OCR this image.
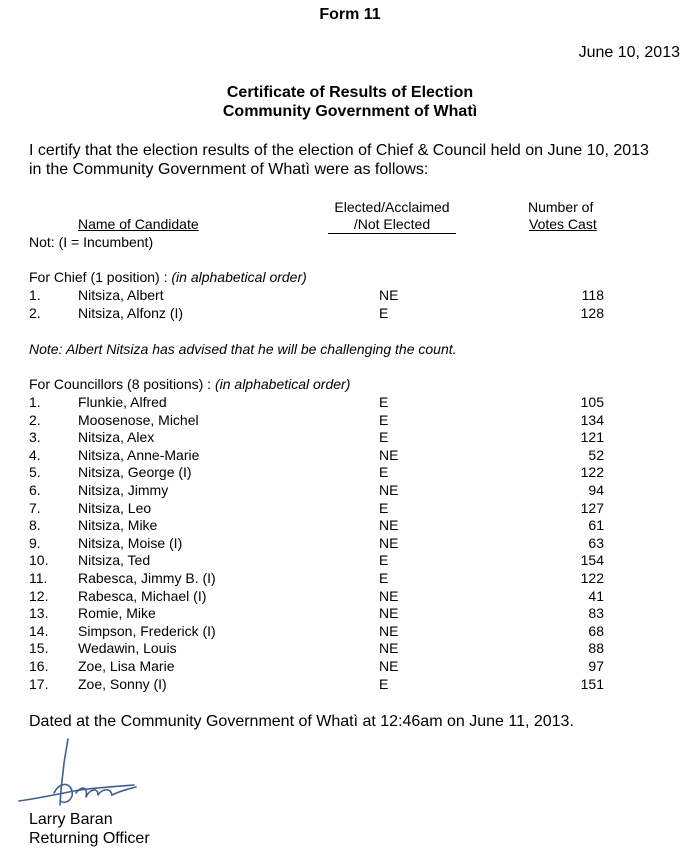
Form 11
June 10, 2013
Certificate of Results of Election
Community Government of Whatì
I certify that the election results of the election of Chief & Council held on June 10, 2013
in the Community Government of Whatì were as follows:
Elected/Acclaimed
/Not Elected
Number of
Votes Cast
Name of Candidate
Not: (I = Incumbent)
For Chief (1 position) : (in alphabetical order)
1.	Nitsiza, Albert	NE	118
2.	Nitsiza, Alfonz (I)	E	128
Note: Albert Nitsiza has advised that he will be challenging the count.
For Councillors (8 positions) : (in alphabetical order)
1.	Flunkie, Alfred	E	105
2.	Moosenose, Michel	E	134
3.	Nitsiza, Alex	E	121
4.	Nitsiza, Anne-Marie	NE	52
5.	Nitsiza, George (I)	E	122
6.	Nitsiza, Jimmy	NE	94
7.	Nitsiza, Leo	E	127
8.	Nitsiza, Mike	NE	61
9.	Nitsiza, Moise (I)	NE	63
10. Nitsiza, Ted	E	154
11. Rabesca, Jimmy B. (I)	E	122
12. Rabesca, Michael (I)	NE	41
13. Romie, Mike	NE	83
14. Simpson, Frederick (I)	NE	68
15. Wedawin, Louis	NE	88
16. Zoe, Lisa Marie	NE	97
17. Zoe, Sonny (I)	E	151
Dated at the Community Government of Whatì at 12:46am on June 11, 2013.
Larry Baran
Returning Officer
